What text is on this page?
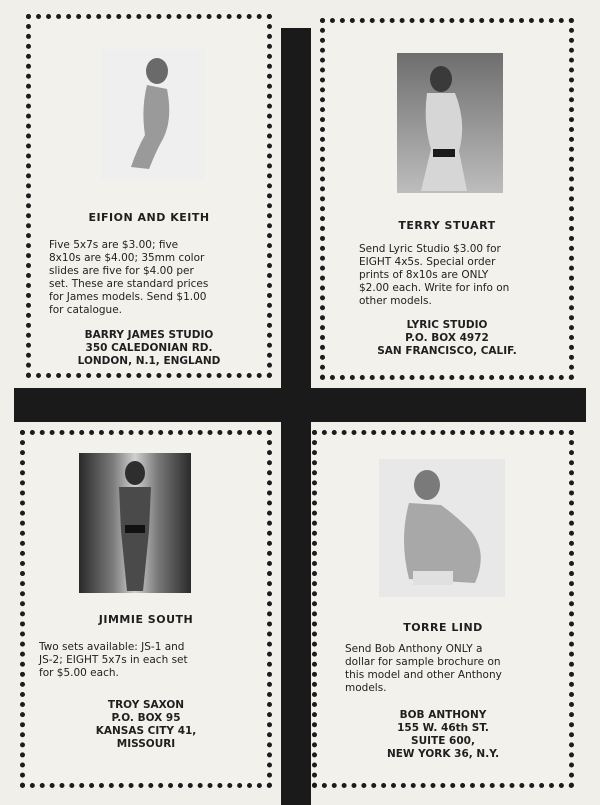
EIFION AND KEITH
Five 5x7s are $3.00; five
8x10s are $4.00; 35mm color
slides are five for $4.00 per
set. These are standard prices
for James models. Send $1.00
for catalogue.
BARRY JAMES STUDIO
350 CALEDONIAN RD.
LONDON, N.1, ENGLAND
TERRY STUART
Send Lyric Studio $3.00 for
EIGHT 4x5s. Special order
prints of 8x10s are ONLY
$2.00 each. Write for info on
other models.
LYRIC STUDIO
P.O. BOX 4972
SAN FRANCISCO, CALIF.
JIMMIE SOUTH
Two sets available: JS-1 and
JS-2; EIGHT 5x7s in each set
for $5.00 each.
TROY SAXON
P.O. BOX 95
KANSAS CITY 41,
MISSOURI
TORRE LIND
Send Bob Anthony ONLY a
dollar for sample brochure on
this model and other Anthony
models.
BOB ANTHONY
155 W. 46th ST.
SUITE 600,
NEW YORK 36, N.Y.
